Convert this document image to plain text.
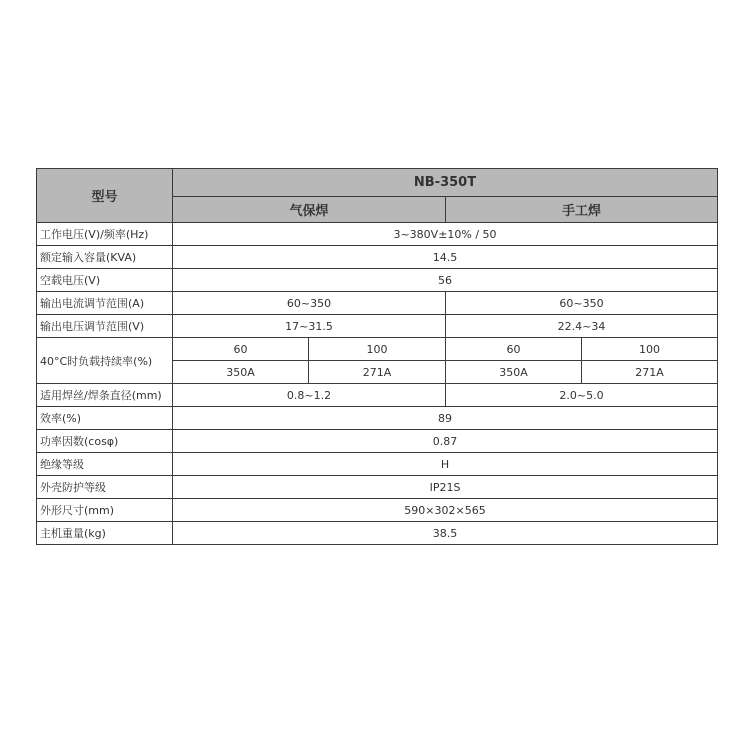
型号	NB-350T			
	气保焊		手工焊	
工作电压(V)/频率(Hz)	3~380V±10% / 50			
额定输入容量(KVA)	14.5			
空载电压(V)	56			
输出电流调节范围(A)	60~350		60~350	
输出电压调节范围(V)	17~31.5		22.4~34	
40°C时负载持续率(%)	60	100	60	100
	350A	271A	350A	271A
适用焊丝/焊条直径(mm)	0.8~1.2		2.0~5.0	
效率(%)	89			
功率因数(cosφ)	0.87			
绝缘等级	H			
外壳防护等级	IP21S			
外形尺寸(mm)	590×302×565			
主机重量(kg)	38.5			
